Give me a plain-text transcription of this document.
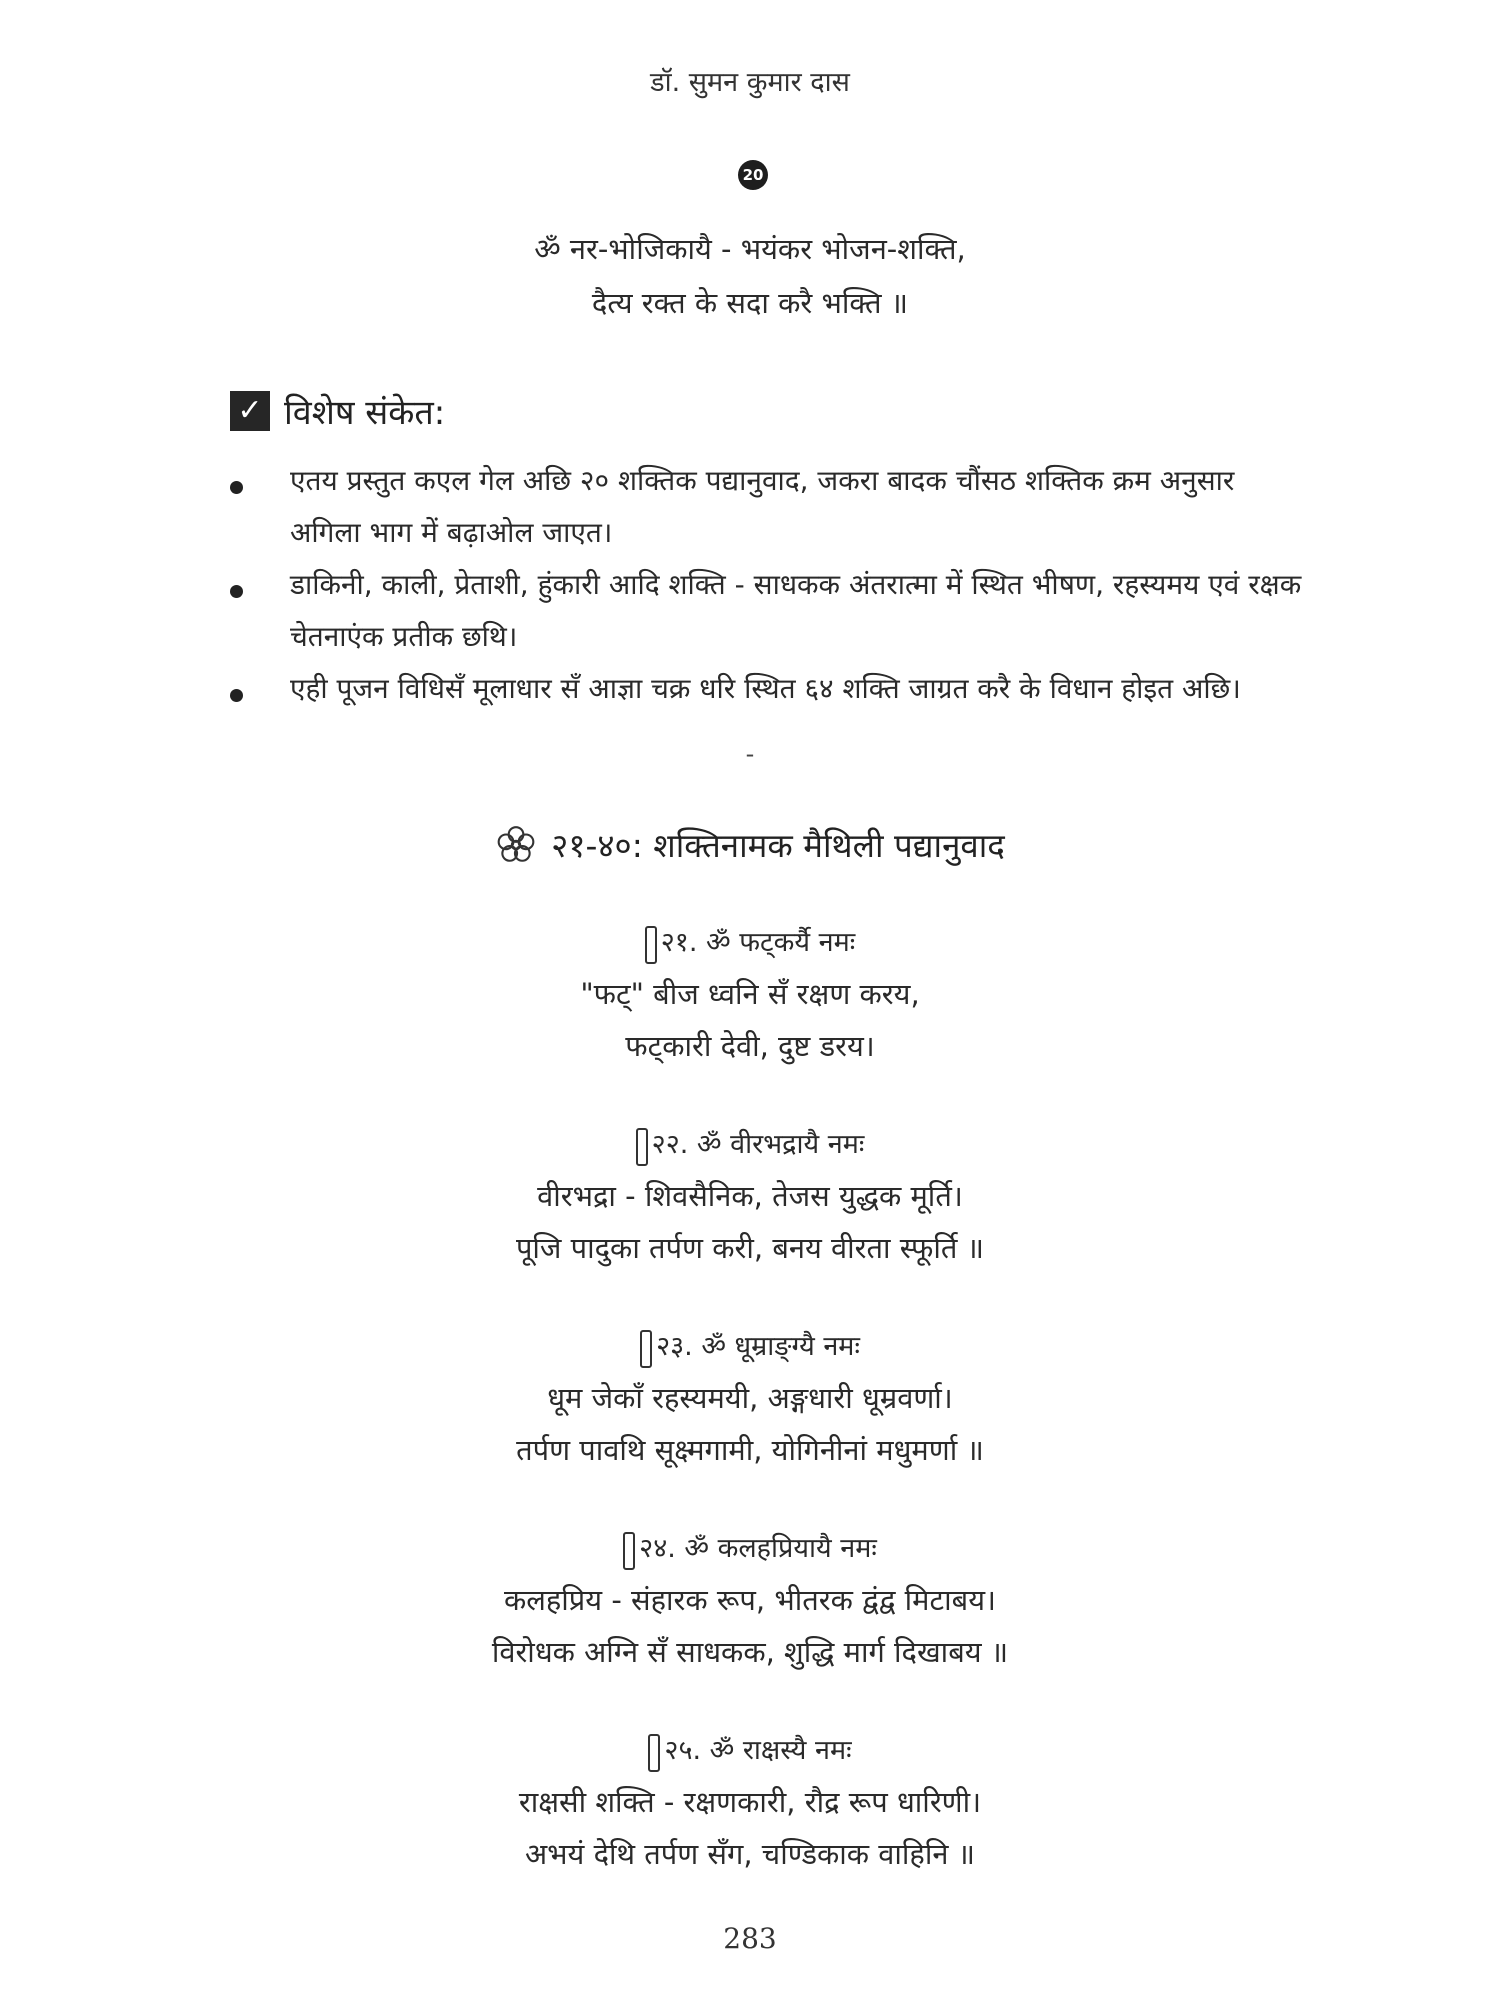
डॉ. सुमन कुमार दास
20
ॐ नर-भोजिकायै - भयंकर भोजन-शक्ति,
दैत्य रक्त के सदा करै भक्ति ॥
✓ विशेष संकेत:
एतय प्रस्तुत कएल गेल अछि २० शक्तिक पद्यानुवाद, जकरा बादक चौंसठ शक्तिक क्रम अनुसार अगिला भाग में बढ़ाओल जाएत।
डाकिनी, काली, प्रेताशी, हुंकारी आदि शक्ति - साधकक अंतरात्मा में स्थित भीषण, रहस्यमय एवं रक्षक चेतनाएंक प्रतीक छथि।
एही पूजन विधिसँ मूलाधार सँ आज्ञा चक्र धरि स्थित ६४ शक्ति जाग्रत करै के विधान होइत अछि।
-
२१-४०: शक्तिनामक मैथिली पद्यानुवाद
२१. ॐ फट्कर्यै नमः
"फट्" बीज ध्वनि सँ रक्षण करय,
फट्कारी देवी, दुष्ट डरय।
२२. ॐ वीरभद्रायै नमः
वीरभद्रा - शिवसैनिक, तेजस युद्धक मूर्ति।
पूजि पादुका तर्पण करी, बनय वीरता स्फूर्ति ॥
२३. ॐ धूम्राङ्ग्यै नमः
धूम जेकाँ रहस्यमयी, अङ्गधारी धूम्रवर्णा।
तर्पण पावथि सूक्ष्मगामी, योगिनीनां मधुमर्णा ॥
२४. ॐ कलहप्रियायै नमः
कलहप्रिय - संहारक रूप, भीतरक द्वंद्व मिटाबय।
विरोधक अग्नि सँ साधकक, शुद्धि मार्ग दिखाबय ॥
२५. ॐ राक्षस्यै नमः
राक्षसी शक्ति - रक्षणकारी, रौद्र रूप धारिणी।
अभयं देथि तर्पण सँग, चण्डिकाक वाहिनि ॥
283
